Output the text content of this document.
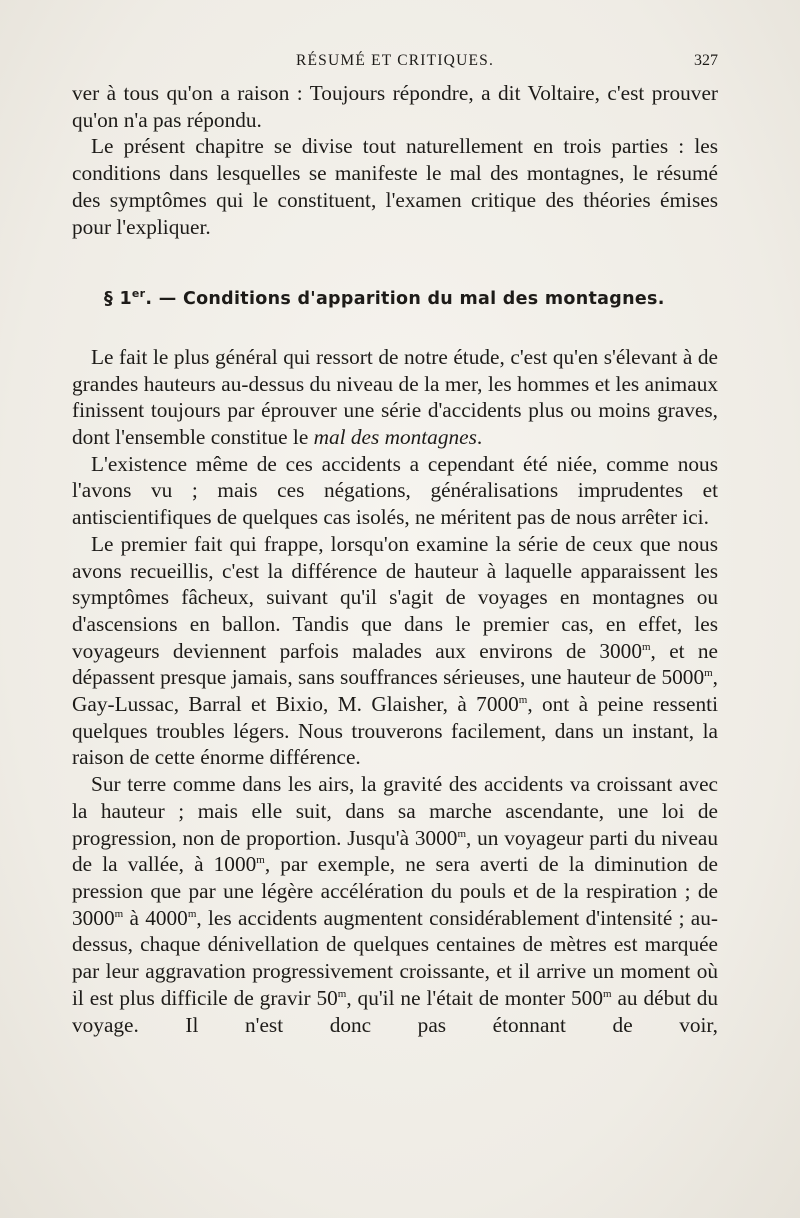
RÉSUMÉ ET CRITIQUES.	327

ver à tous qu'on a raison : Toujours répondre, a dit Voltaire, c'est prouver qu'on n'a pas répondu.

Le présent chapitre se divise tout naturellement en trois parties : les conditions dans lesquelles se manifeste le mal des montagnes, le résumé des symptômes qui le constituent, l'examen critique des théories émises pour l'expliquer.

§ 1er. — Conditions d'apparition du mal des montagnes.

Le fait le plus général qui ressort de notre étude, c'est qu'en s'élevant à de grandes hauteurs au-dessus du niveau de la mer, les hommes et les animaux finissent toujours par éprouver une série d'accidents plus ou moins graves, dont l'ensemble constitue le mal des montagnes.

L'existence même de ces accidents a cependant été niée, comme nous l'avons vu ; mais ces négations, généralisations imprudentes et antiscientifiques de quelques cas isolés, ne méritent pas de nous arrêter ici.

Le premier fait qui frappe, lorsqu'on examine la série de ceux que nous avons recueillis, c'est la différence de hauteur à laquelle apparaissent les symptômes fâcheux, suivant qu'il s'agit de voyages en montagnes ou d'ascensions en ballon. Tandis que dans le premier cas, en effet, les voyageurs deviennent parfois malades aux environs de 3000$^m$, et ne dépassent presque jamais, sans souffrances sérieuses, une hauteur de 5000$^m$, Gay-Lussac, Barral et Bixio, M. Glaisher, à 7000$^m$, ont à peine ressenti quelques troubles légers. Nous trouverons facilement, dans un instant, la raison de cette énorme différence.

Sur terre comme dans les airs, la gravité des accidents va croissant avec la hauteur ; mais elle suit, dans sa marche ascendante, une loi de progression, non de proportion. Jusqu'à 3000$^m$, un voyageur parti du niveau de la vallée, à 1000$^m$, par exemple, ne sera averti de la diminution de pression que par une légère accélération du pouls et de la respiration ; de 3000$^m$ à 4000$^m$, les accidents augmentent considérablement d'intensité ; au-dessus, chaque dénivellation de quelques centaines de mètres est marquée par leur aggravation progressivement croissante, et il arrive un moment où il est plus difficile de gravir 50$^m$, qu'il ne l'était de monter 500$^m$ au début du voyage. Il n'est donc pas étonnant de voir,
